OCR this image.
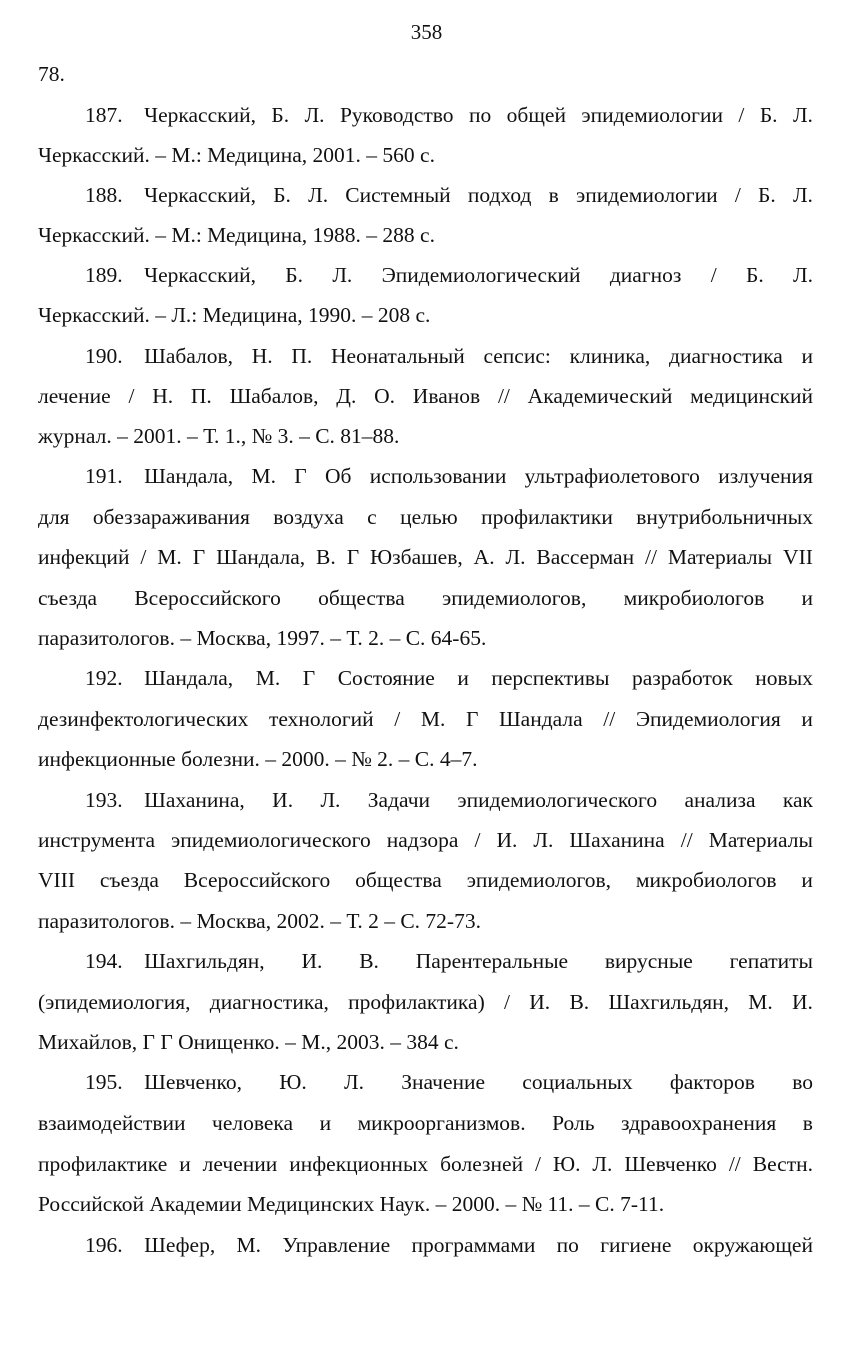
358
78.
187.    Черкасский, Б. Л. Руководство по общей эпидемиологии / Б. Л.
Черкасский. – М.: Медицина, 2001. – 560 с.
188.    Черкасский, Б. Л. Системный подход в эпидемиологии / Б. Л.
Черкасский. – М.: Медицина, 1988. – 288 с.
189.    Черкасский, Б. Л. Эпидемиологический диагноз / Б. Л.
Черкасский. – Л.: Медицина, 1990. – 208 с.
190.    Шабалов, Н. П. Неонатальный сепсис: клиника, диагностика и
лечение / Н. П. Шабалов, Д. О. Иванов // Академический медицинский
журнал. – 2001. – Т. 1., № 3. – С. 81–88.
191.    Шандала, М. Г Об использовании ультрафиолетового излучения
для обеззараживания воздуха с целью профилактики внутрибольничных
инфекций / М. Г Шандала, В. Г Юзбашев, А. Л. Вассерман // Материалы VII
съезда Всероссийского общества эпидемиологов, микробиологов и
паразитологов. – Москва, 1997. – Т. 2. – С. 64-65.
192.    Шандала, М. Г Состояние и перспективы разработок новых
дезинфектологических технологий / М. Г Шандала // Эпидемиология и
инфекционные болезни. – 2000. – № 2. – С. 4–7.
193.    Шаханина, И. Л. Задачи эпидемиологического анализа как
инструмента эпидемиологического надзора / И. Л. Шаханина // Материалы
VIII съезда Всероссийского общества эпидемиологов, микробиологов и
паразитологов. – Москва, 2002. – Т. 2 – С. 72-73.
194.    Шахгильдян, И. В. Парентеральные вирусные гепатиты
(эпидемиология, диагностика, профилактика) / И. В. Шахгильдян, М. И.
Михайлов, Г Г Онищенко. – М., 2003. – 384 с.
195.    Шевченко, Ю. Л. Значение социальных факторов во
взаимодействии человека и микроорганизмов. Роль здравоохранения в
профилактике и лечении инфекционных болезней / Ю. Л. Шевченко // Вестн.
Российской Академии Медицинских Наук. – 2000. – № 11. – С. 7-11.
196.    Шефер, М. Управление программами по гигиене окружающей
